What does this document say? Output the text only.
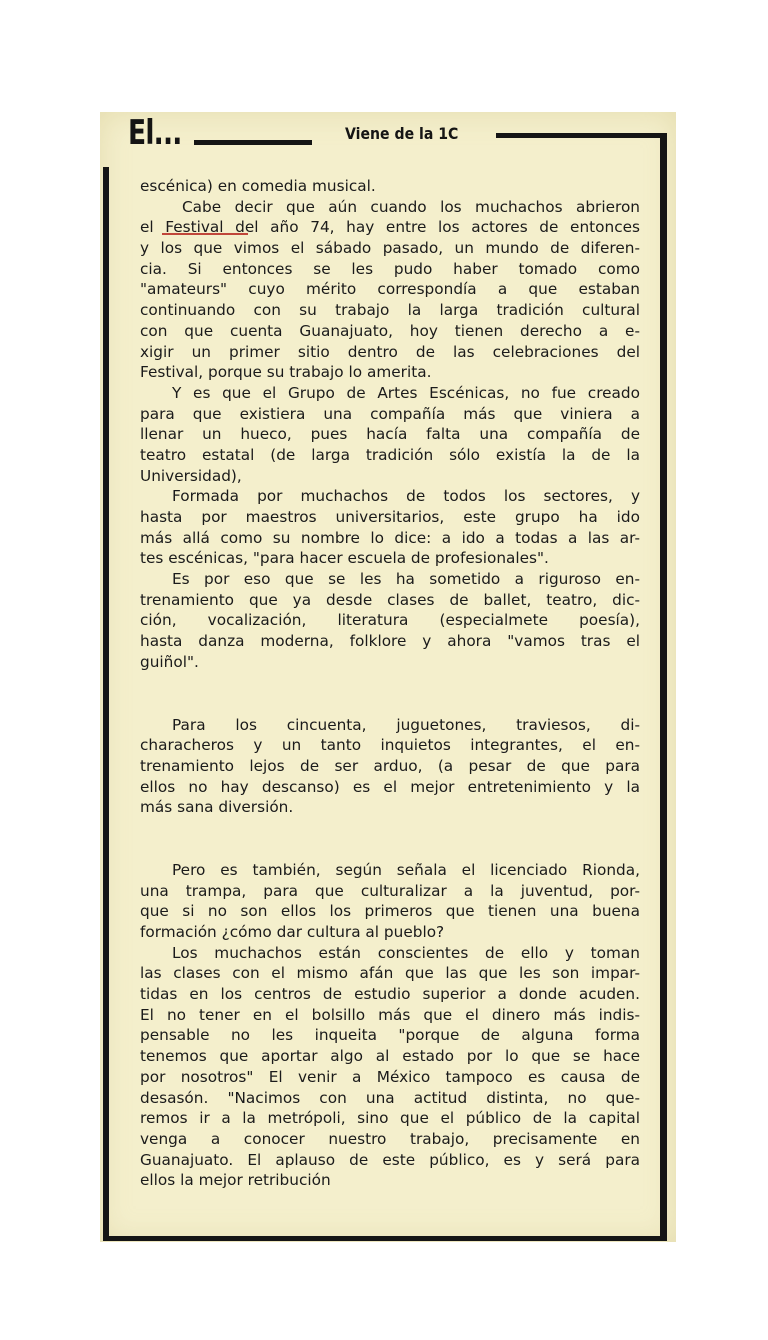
El...	Viene de la 1C
escénica) en comedia musical.
Cabe decir que aún cuando los muchachos abrieron
el Festival del año 74, hay entre los actores de entonces
y los que vimos el sábado pasado, un mundo de diferen-
cia. Si entonces se les pudo haber tomado como
"amateurs" cuyo mérito correspondía a que estaban
continuando con su trabajo la larga tradición cultural
con que cuenta Guanajuato, hoy tienen derecho a e-
xigir un primer sitio dentro de las celebraciones del
Festival, porque su trabajo lo amerita.
Y es que el Grupo de Artes Escénicas, no fue creado
para que existiera una compañía más que viniera a
llenar un hueco, pues hacía falta una compañía de
teatro estatal (de larga tradición sólo existía la de la
Universidad),
Formada por muchachos de todos los sectores, y
hasta por maestros universitarios, este grupo ha ido
más allá como su nombre lo dice: a ido a todas a las ar-
tes escénicas, "para hacer escuela de profesionales".
Es por eso que se les ha sometido a riguroso en-
trenamiento que ya desde clases de ballet, teatro, dic-
ción, vocalización, literatura (especialmete poesía),
hasta danza moderna, folklore y ahora "vamos tras el
guiñol".
Para los cincuenta, juguetones, traviesos, di-
characheros y un tanto inquietos integrantes, el en-
trenamiento lejos de ser arduo, (a pesar de que para
ellos no hay descanso) es el mejor entretenimiento y la
más sana diversión.
Pero es también, según señala el licenciado Rionda,
una trampa, para que culturalizar a la juventud, por-
que si no son ellos los primeros que tienen una buena
formación ¿cómo dar cultura al pueblo?
Los muchachos están conscientes de ello y toman
las clases con el mismo afán que las que les son impar-
tidas en los centros de estudio superior a donde acuden.
El no tener en el bolsillo más que el dinero más indis-
pensable no les inqueita "porque de alguna forma
tenemos que aportar algo al estado por lo que se hace
por nosotros" El venir a México tampoco es causa de
desasón. "Nacimos con una actitud distinta, no que-
remos ir a la metrópoli, sino que el público de la capital
venga a conocer nuestro trabajo, precisamente en
Guanajuato. El aplauso de este público, es y será para
ellos la mejor retribución
